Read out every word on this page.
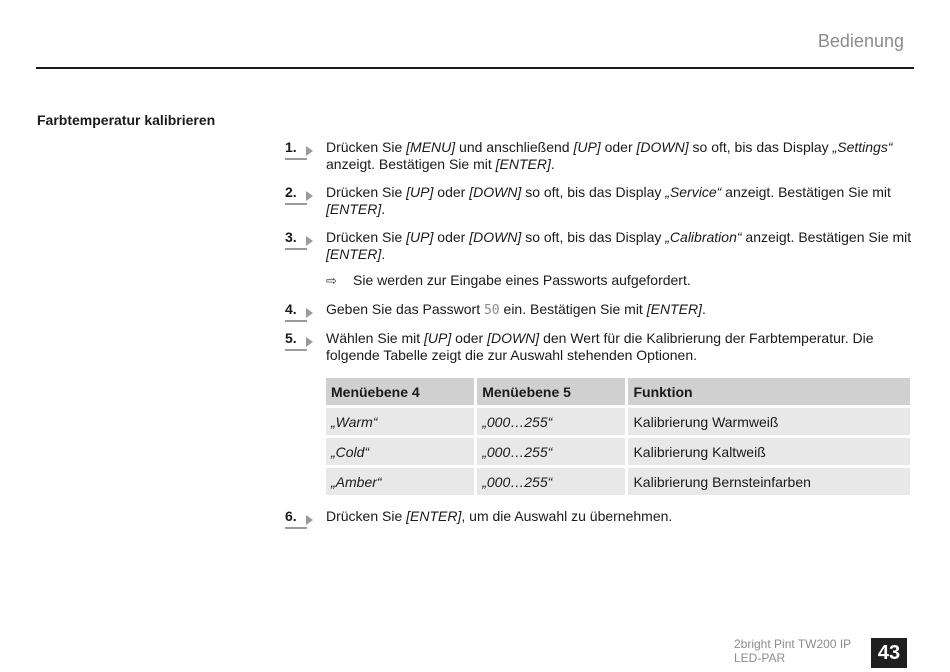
Bedienung
Farbtemperatur kalibrieren
1. Drücken Sie [MENU] und anschließend [UP] oder [DOWN] so oft, bis das Display „Settings“ anzeigt. Bestätigen Sie mit [ENTER].
2. Drücken Sie [UP] oder [DOWN] so oft, bis das Display „Service“ anzeigt. Bestätigen Sie mit [ENTER].
3. Drücken Sie [UP] oder [DOWN] so oft, bis das Display „Calibration“ anzeigt. Bestätigen Sie mit [ENTER].
⇨ Sie werden zur Eingabe eines Passworts aufgefordert.
4. Geben Sie das Passwort 50 ein. Bestätigen Sie mit [ENTER].
5. Wählen Sie mit [UP] oder [DOWN] den Wert für die Kalibrierung der Farbtemperatur. Die folgende Tabelle zeigt die zur Auswahl stehenden Optionen.
Menüebene 4	Menüebene 5	Funktion
„Warm“	„000…255“	Kalibrierung Warmweiß
„Cold“	„000…255“	Kalibrierung Kaltweiß
„Amber“	„000…255“	Kalibrierung Bernsteinfarben
6. Drücken Sie [ENTER], um die Auswahl zu übernehmen.
2bright Pint TW200 IP
LED-PAR	43
